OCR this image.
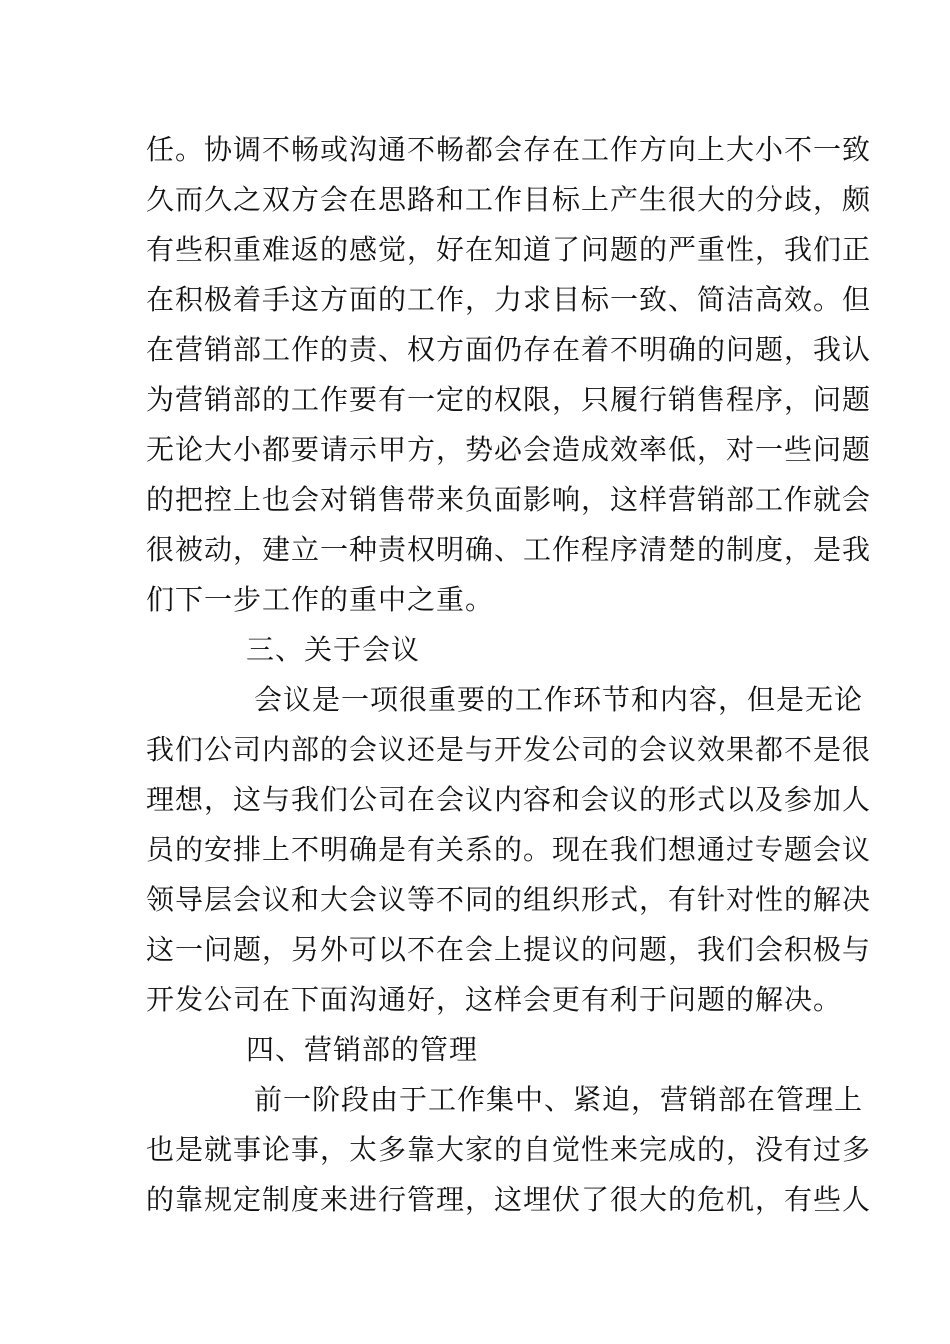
任。协调不畅或沟通不畅都会存在工作方向上大小不一致
久而久之双方会在思路和工作目标上产生很大的分歧，颇
有些积重难返的感觉，好在知道了问题的严重性，我们正
在积极着手这方面的工作，力求目标一致、简洁高效。但
在营销部工作的责、权方面仍存在着不明确的问题，我认
为营销部的工作要有一定的权限，只履行销售程序，问题
无论大小都要请示甲方，势必会造成效率低，对一些问题
的把控上也会对销售带来负面影响，这样营销部工作就会
很被动，建立一种责权明确、工作程序清楚的制度，是我
们下一步工作的重中之重。
三、关于会议
会议是一项很重要的工作环节和内容，但是无论
我们公司内部的会议还是与开发公司的会议效果都不是很
理想，这与我们公司在会议内容和会议的形式以及参加人
员的安排上不明确是有关系的。现在我们想通过专题会议
领导层会议和大会议等不同的组织形式，有针对性的解决
这一问题，另外可以不在会上提议的问题，我们会积极与
开发公司在下面沟通好，这样会更有利于问题的解决。
四、营销部的管理
前一阶段由于工作集中、紧迫，营销部在管理上
也是就事论事，太多靠大家的自觉性来完成的，没有过多
的靠规定制度来进行管理，这埋伏了很大的危机，有些人
